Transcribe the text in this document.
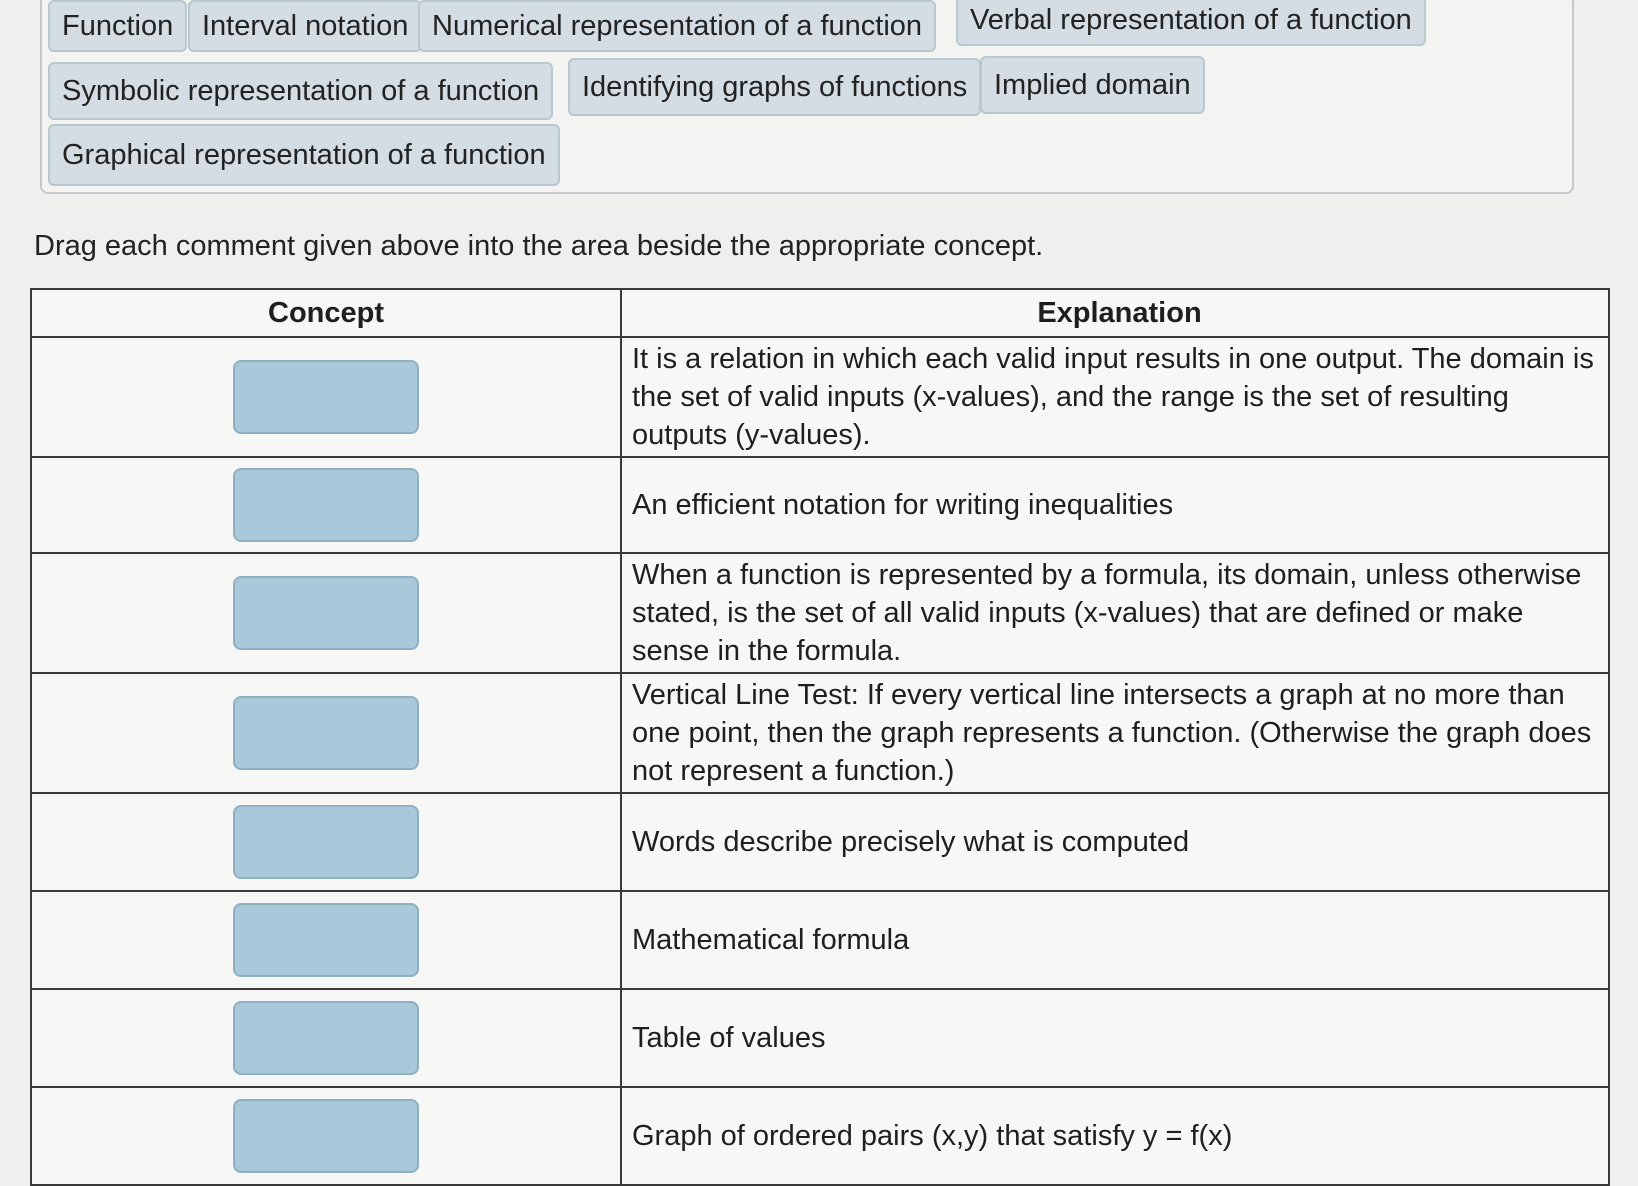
Function Interval notation Numerical representation of a function	Verbal representation of a function
Symbolic representation of a function	Identifying graphs of functions Implied domain
Graphical representation of a function
Drag each comment given above into the area beside the appropriate concept.
Concept	Explanation

	It is a relation in which each valid input results in one output. The domain is the set of valid inputs (x-values), and the range is the set of resulting outputs (y-values).

	An efficient notation for writing inequalities

	When a function is represented by a formula, its domain, unless otherwise stated, is the set of all valid inputs (x-values) that are defined or make sense in the formula.

	Vertical Line Test: If every vertical line intersects a graph at no more than one point, then the graph represents a function. (Otherwise the graph does not represent a function.)

	Words describe precisely what is computed

	Mathematical formula

	Table of values

	Graph of ordered pairs (x,y) that satisfy y = f(x)
